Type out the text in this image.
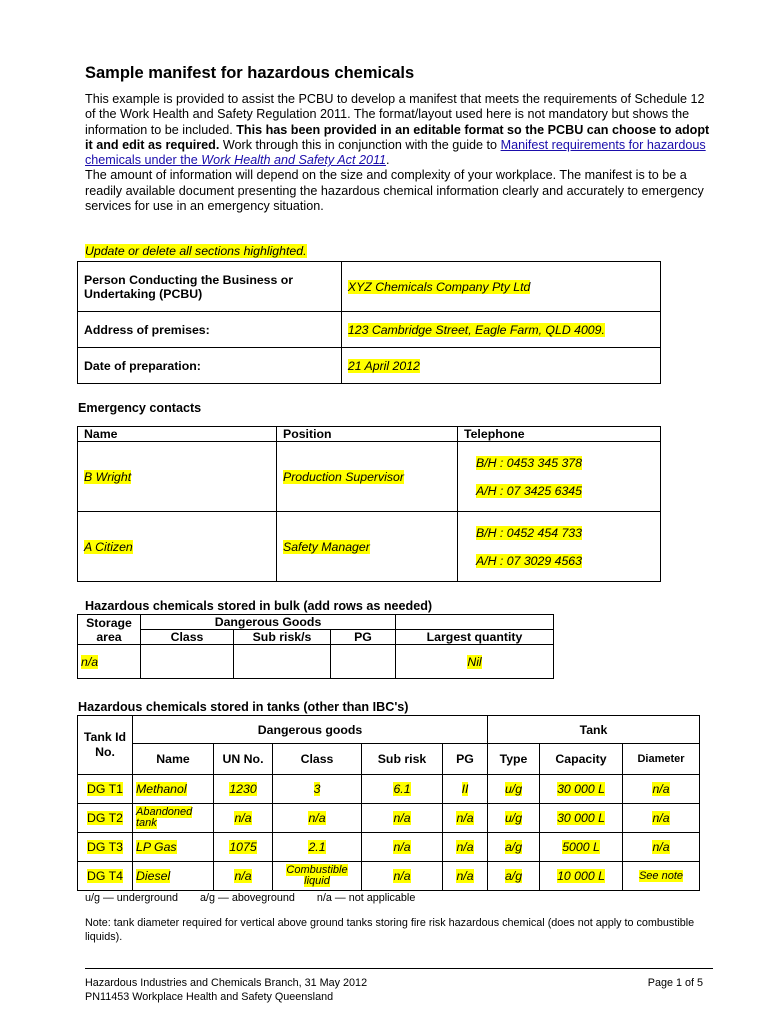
Sample manifest for hazardous chemicals
This example is provided to assist the PCBU to develop a manifest that meets the requirements of Schedule 12 of the Work Health and Safety Regulation 2011. The format/layout used here is not mandatory but shows the information to be included. This has been provided in an editable format so the PCBU can choose to adopt it and edit as required. Work through this in conjunction with the guide to Manifest requirements for hazardous chemicals under the Work Health and Safety Act 2011.
The amount of information will depend on the size and complexity of your workplace. The manifest is to be a readily available document presenting the hazardous chemical information clearly and accurately to emergency services for use in an emergency situation.
Update or delete all sections highlighted.
Person Conducting the Business or Undertaking (PCBU)	XYZ Chemicals Company Pty Ltd
Address of premises:	123 Cambridge Street, Eagle Farm, QLD 4009.
Date of preparation:	21 April 2012
Emergency contacts
Name	Position	Telephone
B Wright	Production Supervisor	B/H : 0453 345 378
A/H : 07 3425 6345
A Citizen	Safety Manager	B/H : 0452 454 733
A/H : 07 3029 4563
Hazardous chemicals stored in bulk (add rows as needed)
Storage area	Dangerous Goods			
	Class	Sub risk/s	PG	Largest quantity
n/a				Nil
Hazardous chemicals stored in tanks (other than IBC's)
Tank Id No.	Dangerous goods					Tank		
	Name	UN No.	Class	Sub risk	PG	Type	Capacity	Diameter
DG T1	Methanol	1230	3	6.1	II	u/g	30 000 L	n/a
DG T2	Abandoned tank	n/a	n/a	n/a	n/a	u/g	30 000 L	n/a
DG T3	LP Gas	1075	2.1	n/a	n/a	a/g	5000 L	n/a
DG T4	Diesel	n/a	Combustible liquid	n/a	n/a	a/g	10 000 L	See note
u/g — underground a/g — aboveground n/a — not applicable
Note: tank diameter required for vertical above ground tanks storing fire risk hazardous chemical (does not apply to combustible liquids).
Hazardous Industries and Chemicals Branch, 31 May 2012
PN11453 Workplace Health and Safety Queensland
Page 1 of 5
